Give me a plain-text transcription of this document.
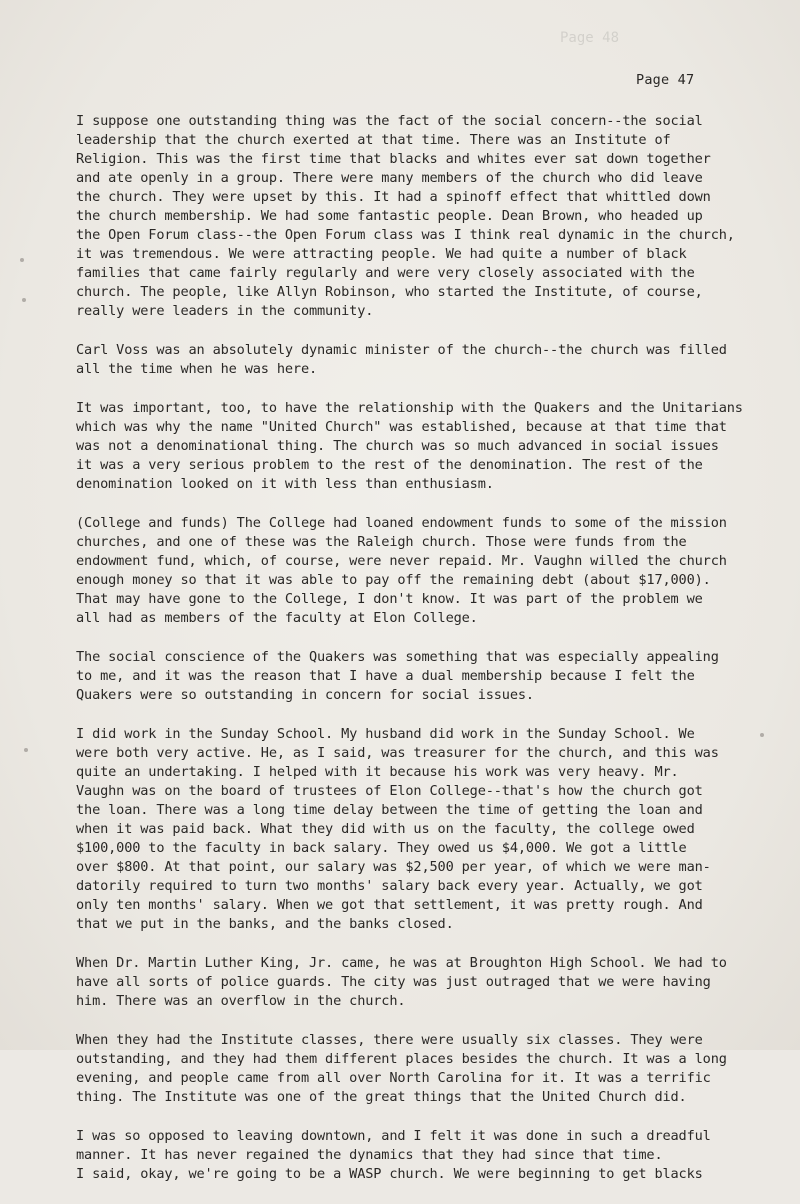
Page 48
Page 47
I suppose one outstanding thing was the fact of the social concern--the social
leadership that the church exerted at that time. There was an Institute of
Religion. This was the first time that blacks and whites ever sat down together
and ate openly in a group. There were many members of the church who did leave
the church. They were upset by this. It had a spinoff effect that whittled down
the church membership. We had some fantastic people. Dean Brown, who headed up
the Open Forum class--the Open Forum class was I think real dynamic in the church,
it was tremendous. We were attracting people. We had quite a number of black
families that came fairly regularly and were very closely associated with the
church. The people, like Allyn Robinson, who started the Institute, of course,
really were leaders in the community.
Carl Voss was an absolutely dynamic minister of the church--the church was filled
all the time when he was here.
It was important, too, to have the relationship with the Quakers and the Unitarians
which was why the name "United Church" was established, because at that time that
was not a denominational thing. The church was so much advanced in social issues
it was a very serious problem to the rest of the denomination. The rest of the
denomination looked on it with less than enthusiasm.
(College and funds) The College had loaned endowment funds to some of the mission
churches, and one of these was the Raleigh church. Those were funds from the
endowment fund, which, of course, were never repaid. Mr. Vaughn willed the church
enough money so that it was able to pay off the remaining debt (about $17,000).
That may have gone to the College, I don't know. It was part of the problem we
all had as members of the faculty at Elon College.
The social conscience of the Quakers was something that was especially appealing
to me, and it was the reason that I have a dual membership because I felt the
Quakers were so outstanding in concern for social issues.
I did work in the Sunday School. My husband did work in the Sunday School. We
were both very active. He, as I said, was treasurer for the church, and this was
quite an undertaking. I helped with it because his work was very heavy. Mr.
Vaughn was on the board of trustees of Elon College--that's how the church got
the loan. There was a long time delay between the time of getting the loan and
when it was paid back. What they did with us on the faculty, the college owed
$100,000 to the faculty in back salary. They owed us $4,000. We got a little
over $800. At that point, our salary was $2,500 per year, of which we were man-
datorily required to turn two months' salary back every year. Actually, we got
only ten months' salary. When we got that settlement, it was pretty rough. And
that we put in the banks, and the banks closed.
When Dr. Martin Luther King, Jr. came, he was at Broughton High School. We had to
have all sorts of police guards. The city was just outraged that we were having
him. There was an overflow in the church.
When they had the Institute classes, there were usually six classes. They were
outstanding, and they had them different places besides the church. It was a long
evening, and people came from all over North Carolina for it. It was a terrific
thing. The Institute was one of the great things that the United Church did.
I was so opposed to leaving downtown, and I felt it was done in such a dreadful
manner. It has never regained the dynamics that they had since that time.
I said, okay, we're going to be a WASP church. We were beginning to get blacks
